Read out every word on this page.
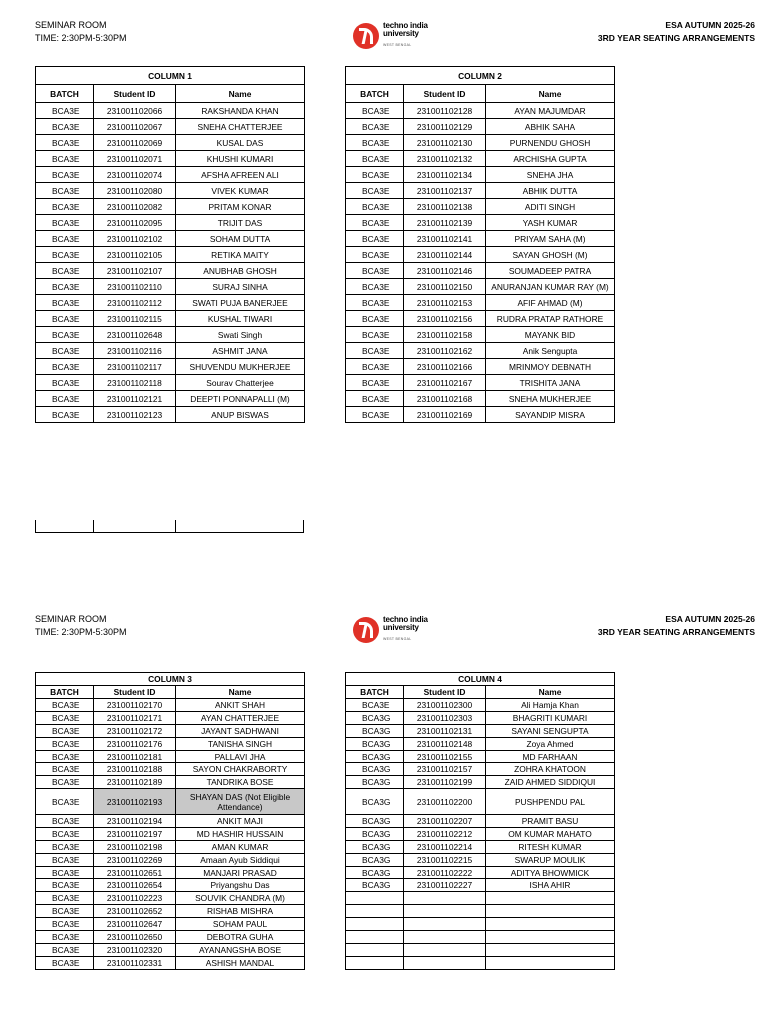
SEMINAR ROOM
TIME: 2:30PM-5:30PM
techno india
university
WEST BENGAL
ESA AUTUMN 2025-26
3RD YEAR SEATING ARRANGEMENTS
SEMINAR ROOM
TIME: 2:30PM-5:30PM
techno india
university
WEST BENGAL
ESA AUTUMN 2025-26
3RD YEAR SEATING ARRANGEMENTS
COLUMN 1		
BATCH	Student ID	Name
BCA3E	231001102066	RAKSHANDA KHAN
BCA3E	231001102067	SNEHA CHATTERJEE
BCA3E	231001102069	KUSAL DAS
BCA3E	231001102071	KHUSHI KUMARI
BCA3E	231001102074	AFSHA AFREEN ALI
BCA3E	231001102080	VIVEK KUMAR
BCA3E	231001102082	PRITAM KONAR
BCA3E	231001102095	TRIJIT DAS
BCA3E	231001102102	SOHAM DUTTA
BCA3E	231001102105	RETIKA MAITY
BCA3E	231001102107	ANUBHAB GHOSH
BCA3E	231001102110	SURAJ SINHA
BCA3E	231001102112	SWATI PUJA BANERJEE
BCA3E	231001102115	KUSHAL TIWARI
BCA3E	231001102648	Swati Singh
BCA3E	231001102116	ASHMIT JANA
BCA3E	231001102117	SHUVENDU MUKHERJEE
BCA3E	231001102118	Sourav Chatterjee
BCA3E	231001102121	DEEPTI PONNAPALLI (M)
BCA3E	231001102123	ANUP BISWAS
COLUMN 2		
BATCH	Student ID	Name
BCA3E	231001102128	AYAN MAJUMDAR
BCA3E	231001102129	ABHIK SAHA
BCA3E	231001102130	PURNENDU GHOSH
BCA3E	231001102132	ARCHISHA GUPTA
BCA3E	231001102134	SNEHA JHA
BCA3E	231001102137	ABHIK DUTTA
BCA3E	231001102138	ADITI SINGH
BCA3E	231001102139	YASH KUMAR
BCA3E	231001102141	PRIYAM SAHA (M)
BCA3E	231001102144	SAYAN GHOSH (M)
BCA3E	231001102146	SOUMADEEP PATRA
BCA3E	231001102150	ANURANJAN KUMAR RAY (M)
BCA3E	231001102153	AFIF AHMAD (M)
BCA3E	231001102156	RUDRA PRATAP RATHORE
BCA3E	231001102158	MAYANK BID
BCA3E	231001102162	Anik Sengupta
BCA3E	231001102166	MRINMOY DEBNATH
BCA3E	231001102167	TRISHITA JANA
BCA3E	231001102168	SNEHA MUKHERJEE
BCA3E	231001102169	SAYANDIP MISRA
COLUMN 3		
BATCH	Student ID	Name
BCA3E	231001102170	ANKIT SHAH
BCA3E	231001102171	AYAN CHATTERJEE
BCA3E	231001102172	JAYANT SADHWANI
BCA3E	231001102176	TANISHA SINGH
BCA3E	231001102181	PALLAVI JHA
BCA3E	231001102188	SAYON CHAKRABORTY
BCA3E	231001102189	TANDRIKA BOSE
BCA3E	231001102193	SHAYAN DAS (Not Eligible Attendance)
BCA3E	231001102194	ANKIT MAJI
BCA3E	231001102197	MD HASHIR HUSSAIN
BCA3E	231001102198	AMAN KUMAR
BCA3E	231001102269	Amaan Ayub Siddiqui
BCA3E	231001102651	MANJARI PRASAD
BCA3E	231001102654	Priyangshu Das
BCA3E	231001102223	SOUVIK CHANDRA (M)
BCA3E	231001102652	RISHAB MISHRA
BCA3E	231001102647	SOHAM PAUL
BCA3E	231001102650	DEBOTRA GUHA
BCA3E	231001102320	AYANANGSHA BOSE
BCA3E	231001102331	ASHISH MANDAL
COLUMN 4		
BATCH	Student ID	Name
BCA3E	231001102300	Ali Hamja Khan
BCA3G	231001102303	BHAGRITI KUMARI
BCA3G	231001102131	SAYANI SENGUPTA
BCA3G	231001102148	Zoya Ahmed
BCA3G	231001102155	MD FARHAAN
BCA3G	231001102157	ZOHRA KHATOON
BCA3G	231001102199	ZAID AHMED SIDDIQUI
BCA3G	231001102200	PUSHPENDU PAL
BCA3G	231001102207	PRAMIT BASU
BCA3G	231001102212	OM KUMAR MAHATO
BCA3G	231001102214	RITESH KUMAR
BCA3G	231001102215	SWARUP MOULIK
BCA3G	231001102222	ADITYA BHOWMICK
BCA3G	231001102227	ISHA AHIR
